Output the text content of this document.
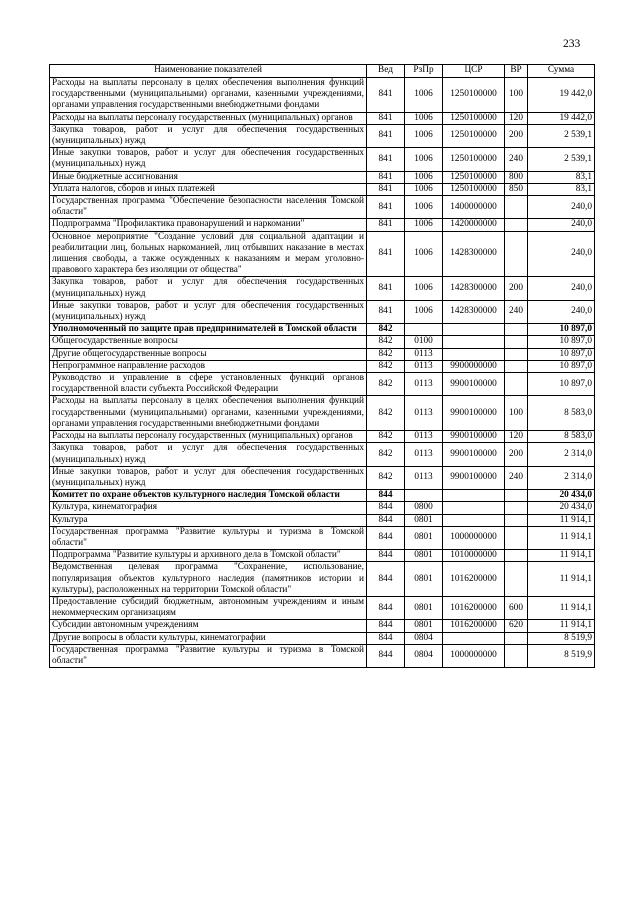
233
Наименование показателей	Вед	РзПр	ЦСР	ВР	Сумма
Расходы на выплаты персоналу в целях обеспечения выполнения функций государственными (муниципальными) органами, казенными учреждениями, органами управления государственными внебюджетными фондами	841	1006	1250100000	100	19 442,0
Расходы на выплаты персоналу государственных (муниципальных) органов	841	1006	1250100000	120	19 442,0
Закупка товаров, работ и услуг для обеспечения государственных (муниципальных) нужд	841	1006	1250100000	200	2 539,1
Иные закупки товаров, работ и услуг для обеспечения государственных (муниципальных) нужд	841	1006	1250100000	240	2 539,1
Иные бюджетные ассигнования	841	1006	1250100000	800	83,1
Уплата налогов, сборов и иных платежей	841	1006	1250100000	850	83,1
Государственная программа "Обеспечение безопасности населения Томской области"	841	1006	1400000000		240,0
Подпрограмма "Профилактика правонарушений и наркомании"	841	1006	1420000000		240,0
Основное мероприятие "Создание условий для социальной адаптации и реабилитации лиц, больных наркоманией, лиц отбывших наказание в местах лишения свободы, а также осужденных к наказаниям и мерам уголовно-правового характера без изоляции от общества"	841	1006	1428300000		240,0
Закупка товаров, работ и услуг для обеспечения государственных (муниципальных) нужд	841	1006	1428300000	200	240,0
Иные закупки товаров, работ и услуг для обеспечения государственных (муниципальных) нужд	841	1006	1428300000	240	240,0
Уполномоченный по защите прав предпринимателей в Томской области	842				10 897,0
Общегосударственные вопросы	842	0100			10 897,0
Другие общегосударственные вопросы	842	0113			10 897,0
Непрограммное направление расходов	842	0113	9900000000		10 897,0
Руководство и управление в сфере установленных функций органов государственной власти субъекта Российской Федерации	842	0113	9900100000		10 897,0
Расходы на выплаты персоналу в целях обеспечения выполнения функций государственными (муниципальными) органами, казенными учреждениями, органами управления государственными внебюджетными фондами	842	0113	9900100000	100	8 583,0
Расходы на выплаты персоналу государственных (муниципальных) органов	842	0113	9900100000	120	8 583,0
Закупка товаров, работ и услуг для обеспечения государственных (муниципальных) нужд	842	0113	9900100000	200	2 314,0
Иные закупки товаров, работ и услуг для обеспечения государственных (муниципальных) нужд	842	0113	9900100000	240	2 314,0
Комитет по охране объектов культурного наследия Томской области	844				20 434,0
Культура, кинематография	844	0800			20 434,0
Культура	844	0801			11 914,1
Государственная программа "Развитие культуры и туризма в Томской области"	844	0801	1000000000		11 914,1
Подпрограмма "Развитие культуры и архивного дела в Томской области"	844	0801	1010000000		11 914,1
Ведомственная целевая программа "Сохранение, использование, популяризация объектов культурного наследия (памятников истории и культуры), расположенных на территории Томской области"	844	0801	1016200000		11 914,1
Предоставление субсидий бюджетным, автономным учреждениям и иным некоммерческим организациям	844	0801	1016200000	600	11 914,1
Субсидии автономным учреждениям	844	0801	1016200000	620	11 914,1
Другие вопросы в области культуры, кинематографии	844	0804			8 519,9
Государственная программа "Развитие культуры и туризма в Томской области"	844	0804	1000000000		8 519,9
